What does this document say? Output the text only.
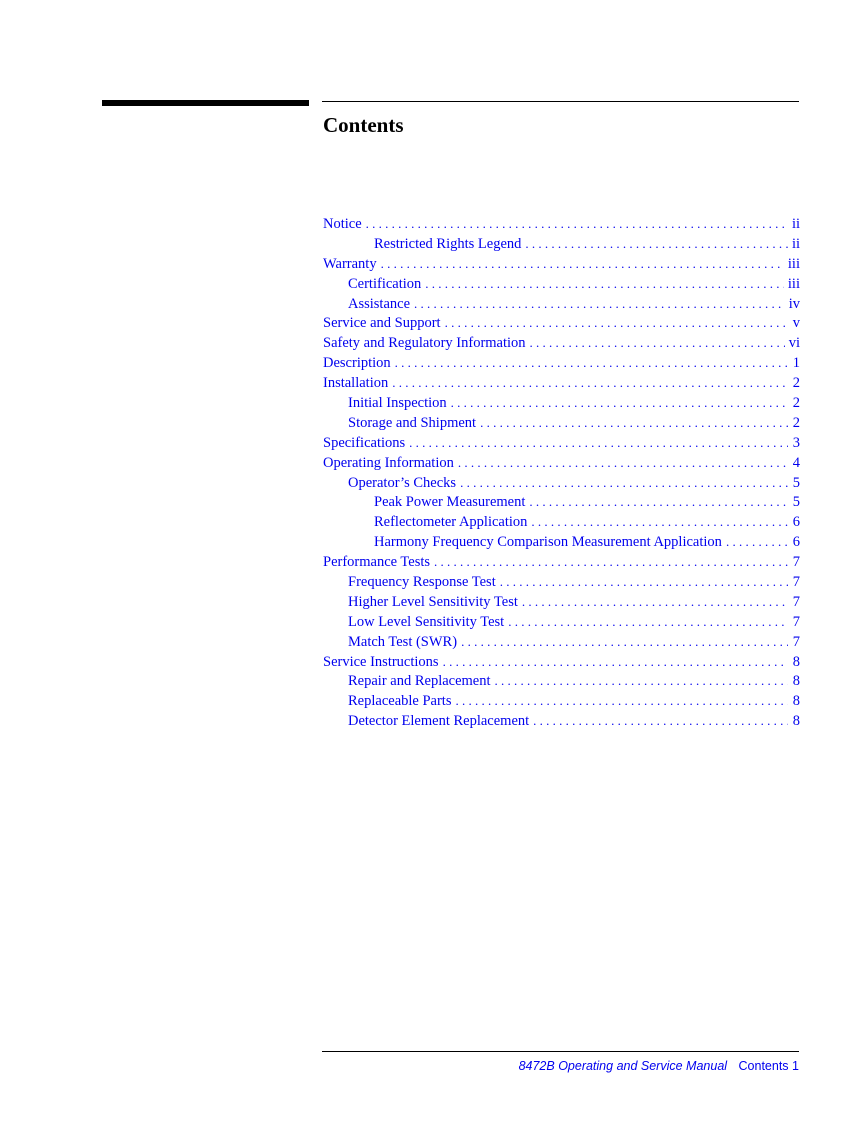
Contents
Notice . . .	ii
Restricted Rights Legend . . .	ii
Warranty . . .	iii
Certification . . .	iii
Assistance . . .	iv
Service and Support . . .	v
Safety and Regulatory Information . . .	vi
Description . . .	1
Installation . . .	2
Initial Inspection . . .	2
Storage and Shipment . . .	2
Specifications . . .	3
Operating Information . . .	4
Operator’s Checks . . .	5
Peak Power Measurement . . .	5
Reflectometer Application . . .	6
Harmony Frequency Comparison Measurement Application . . .	6
Performance Tests . . .	7
Frequency Response Test . . .	7
Higher Level Sensitivity Test . . .	7
Low Level Sensitivity Test . . .	7
Match Test (SWR) . . .	7
Service Instructions . . .	8
Repair and Replacement . . .	8
Replaceable Parts . . .	8
Detector Element Replacement . . .	8
8472B Operating and Service Manual Contents 1
